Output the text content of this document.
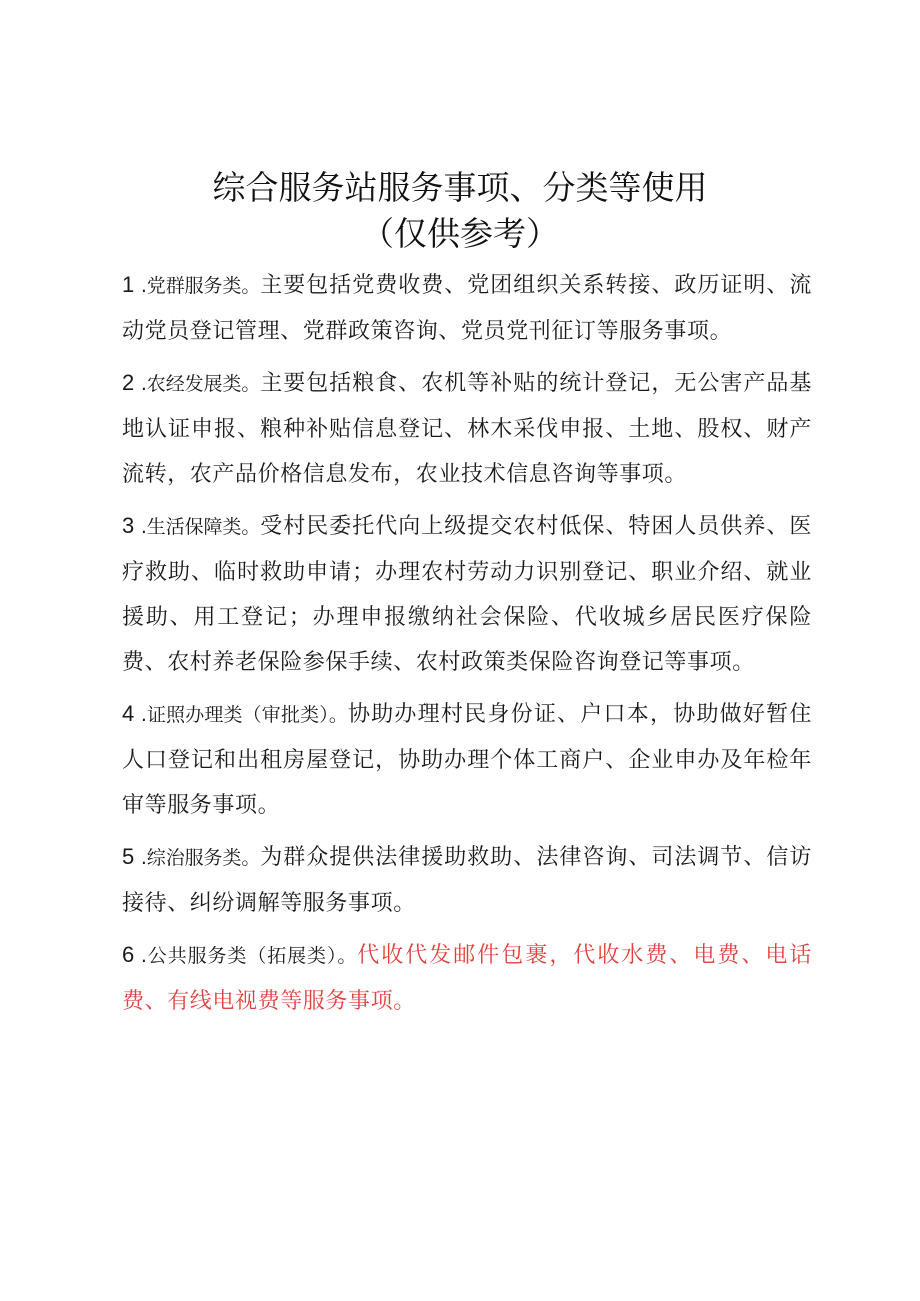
综合服务站服务事项、分类等使用
（仅供参考）

1 .党群服务类。主要包括党费收费、党团组织关系转接、政历证明、流动党员登记管理、党群政策咨询、党员党刊征订等服务事项。

2 .农经发展类。主要包括粮食、农机等补贴的统计登记，无公害产品基地认证申报、粮种补贴信息登记、林木采伐申报、土地、股权、财产流转，农产品价格信息发布，农业技术信息咨询等事项。

3 .生活保障类。受村民委托代向上级提交农村低保、特困人员供养、医疗救助、临时救助申请；办理农村劳动力识别登记、职业介绍、就业援助、用工登记；办理申报缴纳社会保险、代收城乡居民医疗保险费、农村养老保险参保手续、农村政策类保险咨询登记等事项。

4 .证照办理类（审批类）。协助办理村民身份证、户口本，协助做好暂住人口登记和出租房屋登记，协助办理个体工商户、企业申办及年检年审等服务事项。

5 .综治服务类。为群众提供法律援助救助、法律咨询、司法调节、信访接待、纠纷调解等服务事项。

6 .公共服务类（拓展类）。代收代发邮件包裹，代收水费、电费、电话费、有线电视费等服务事项。
